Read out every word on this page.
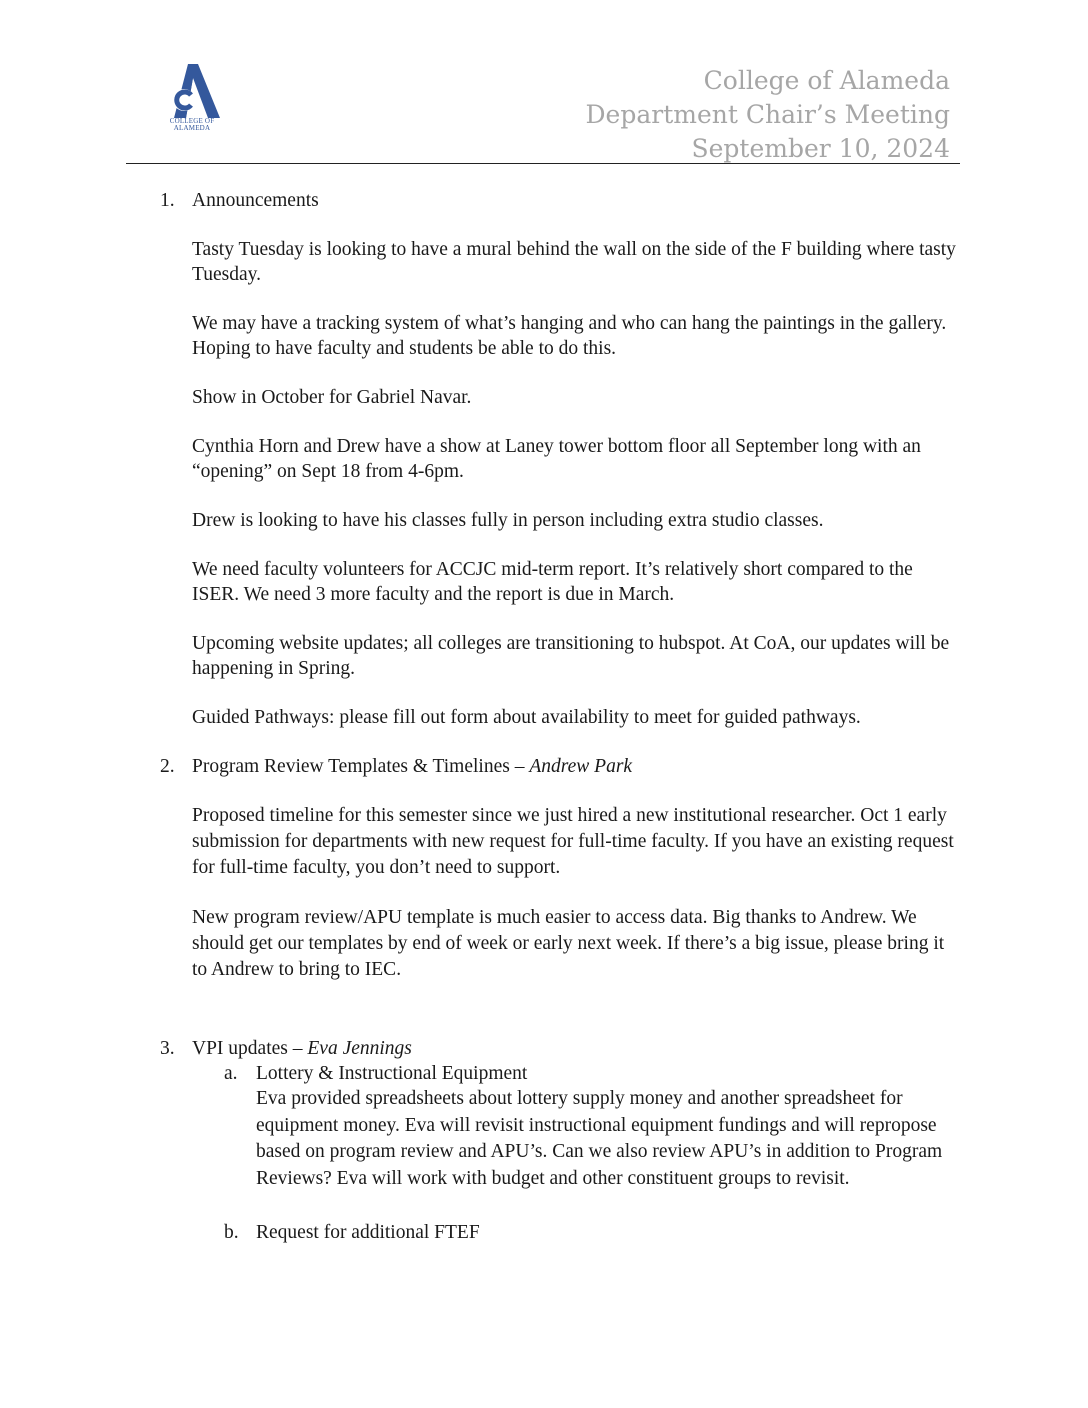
COLLEGE OF
ALAMEDA
College of Alameda
Department Chair’s Meeting
September 10, 2024
1. Announcements

Tasty Tuesday is looking to have a mural behind the wall on the side of the F building where tasty Tuesday.

We may have a tracking system of what’s hanging and who can hang the paintings in the gallery. Hoping to have faculty and students be able to do this.

Show in October for Gabriel Navar.

Cynthia Horn and Drew have a show at Laney tower bottom floor all September long with an “opening” on Sept 18 from 4-6pm.

Drew is looking to have his classes fully in person including extra studio classes.

We need faculty volunteers for ACCJC mid-term report. It’s relatively short compared to the ISER. We need 3 more faculty and the report is due in March.

Upcoming website updates; all colleges are transitioning to hubspot. At CoA, our updates will be happening in Spring.

Guided Pathways: please fill out form about availability to meet for guided pathways.

2. Program Review Templates & Timelines – Andrew Park

Proposed timeline for this semester since we just hired a new institutional researcher. Oct 1 early submission for departments with new request for full-time faculty. If you have an existing request for full-time faculty, you don’t need to support.

New program review/APU template is much easier to access data. Big thanks to Andrew. We should get our templates by end of week or early next week. If there’s a big issue, please bring it to Andrew to bring to IEC.

3. VPI updates – Eva Jennings

a. Lottery & Instructional Equipment

Eva provided spreadsheets about lottery supply money and another spreadsheet for equipment money. Eva will revisit instructional equipment fundings and will repropose based on program review and APU’s. Can we also review APU’s in addition to Program Reviews? Eva will work with budget and other constituent groups to revisit.

b. Request for additional FTEF
